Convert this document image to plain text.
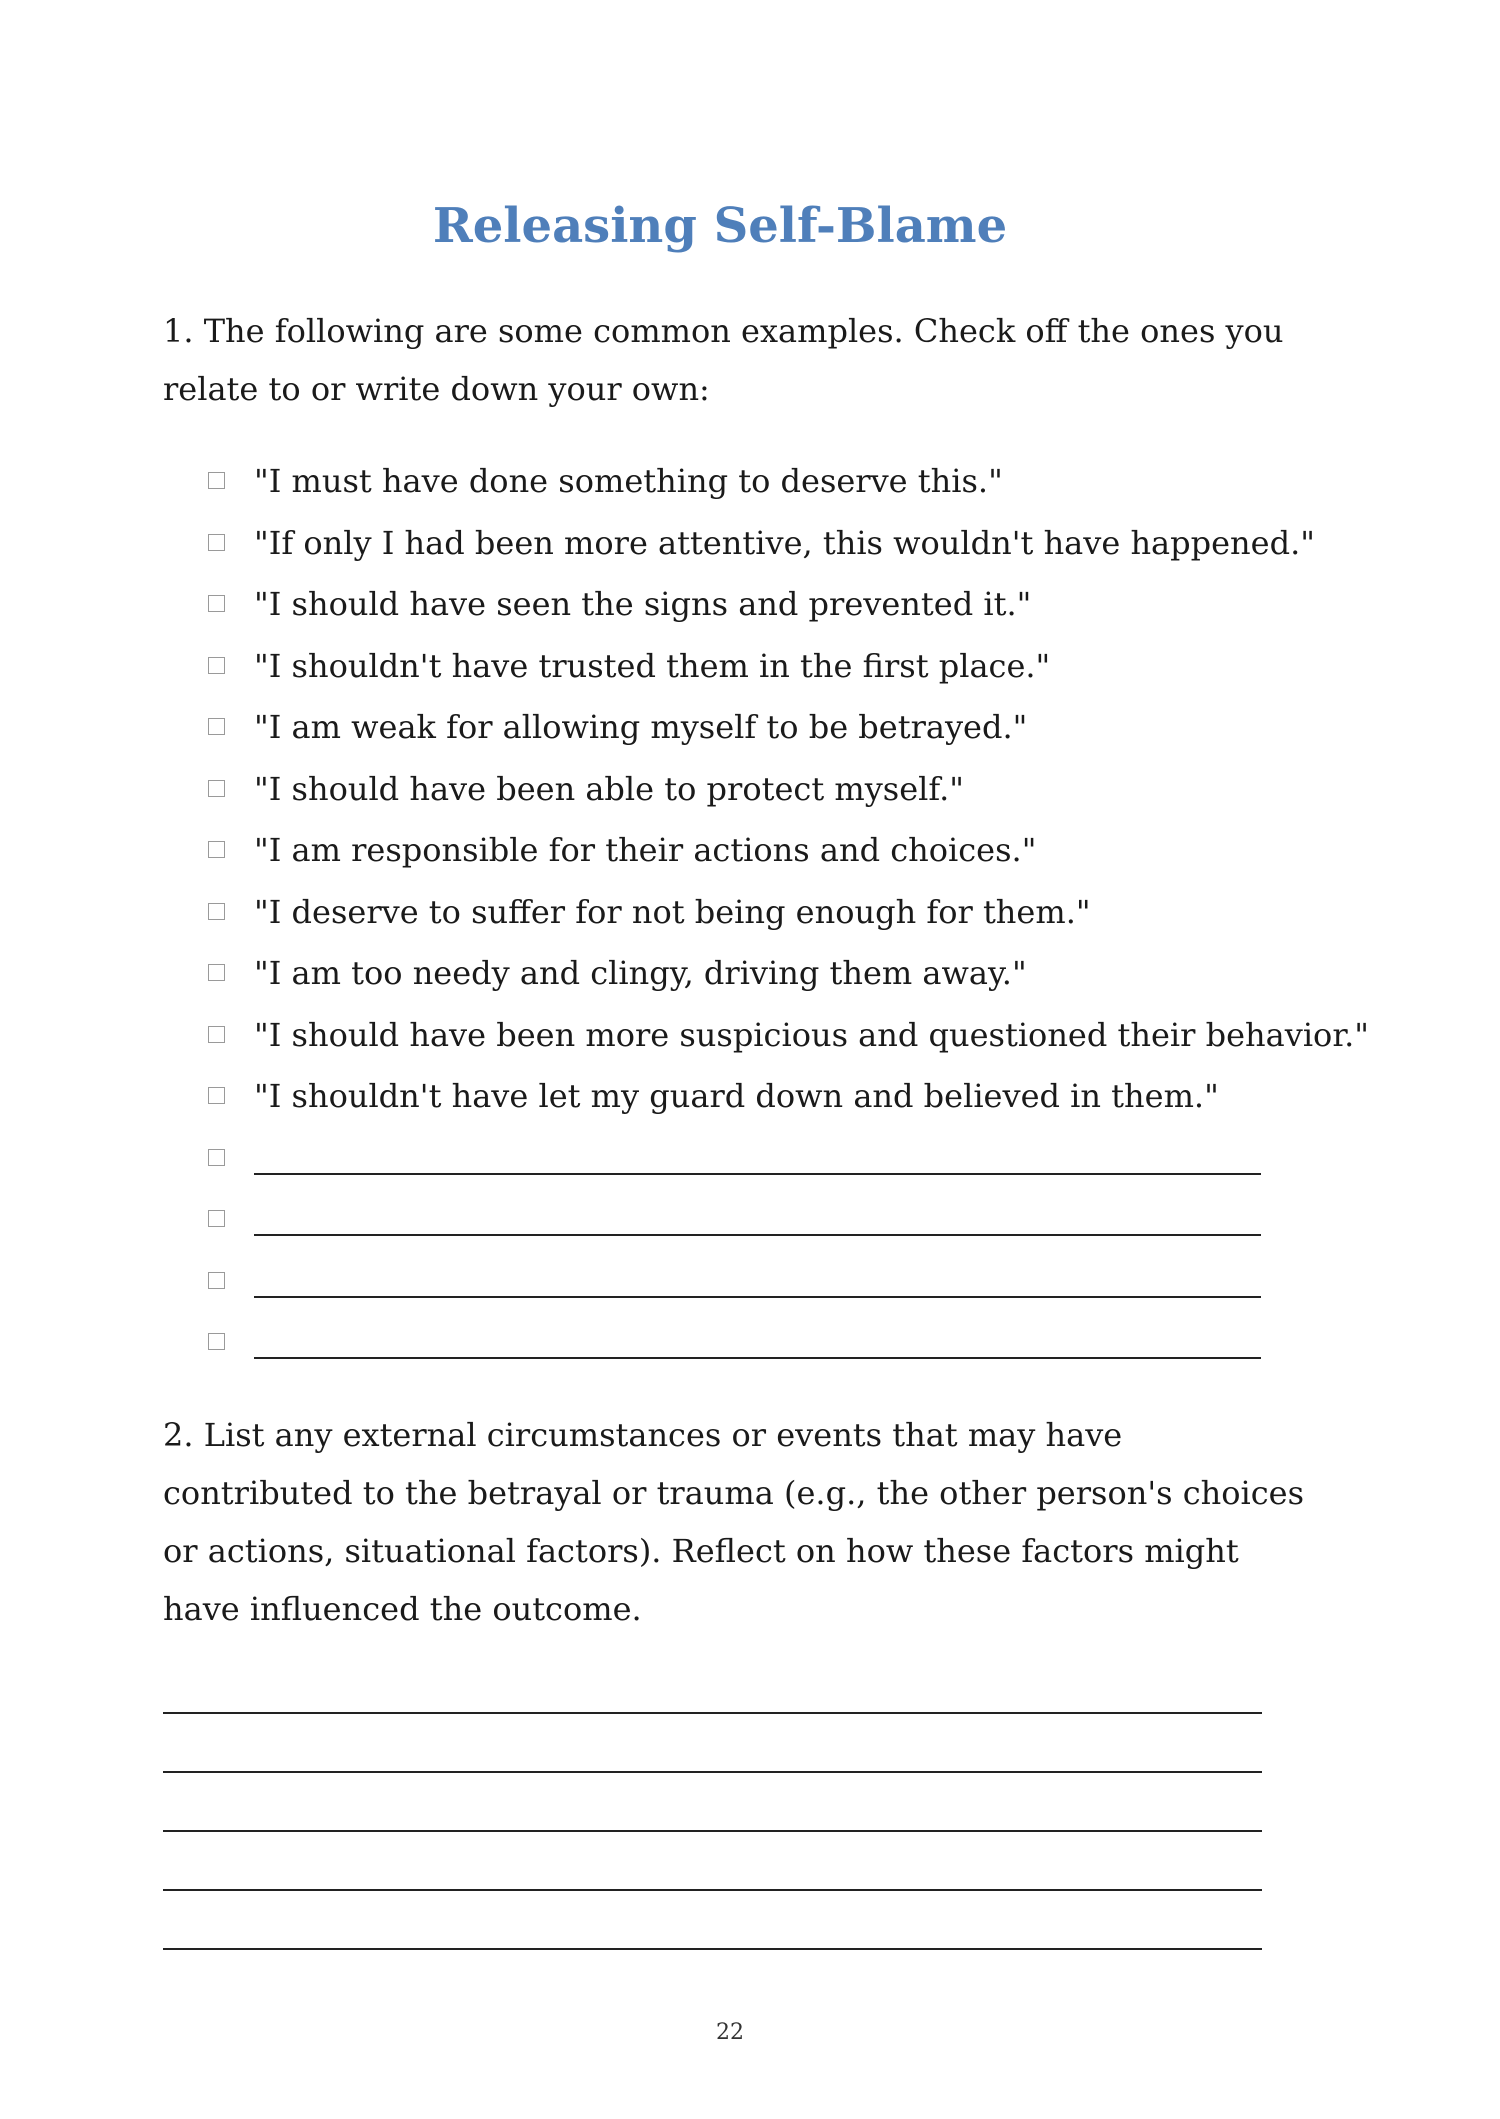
Releasing Self-Blame

1. The following are some common examples. Check off the ones you relate to or write down your own:

"I must have done something to deserve this."
"If only I had been more attentive, this wouldn't have happened."
"I should have seen the signs and prevented it."
"I shouldn't have trusted them in the first place."
"I am weak for allowing myself to be betrayed."
"I should have been able to protect myself."
"I am responsible for their actions and choices."
"I deserve to suffer for not being enough for them."
"I am too needy and clingy, driving them away."
"I should have been more suspicious and questioned their behavior."
"I shouldn't have let my guard down and believed in them."

2. List any external circumstances or events that may have contributed to the betrayal or trauma (e.g., the other person's choices or actions, situational factors). Reflect on how these factors might have influenced the outcome.

22
